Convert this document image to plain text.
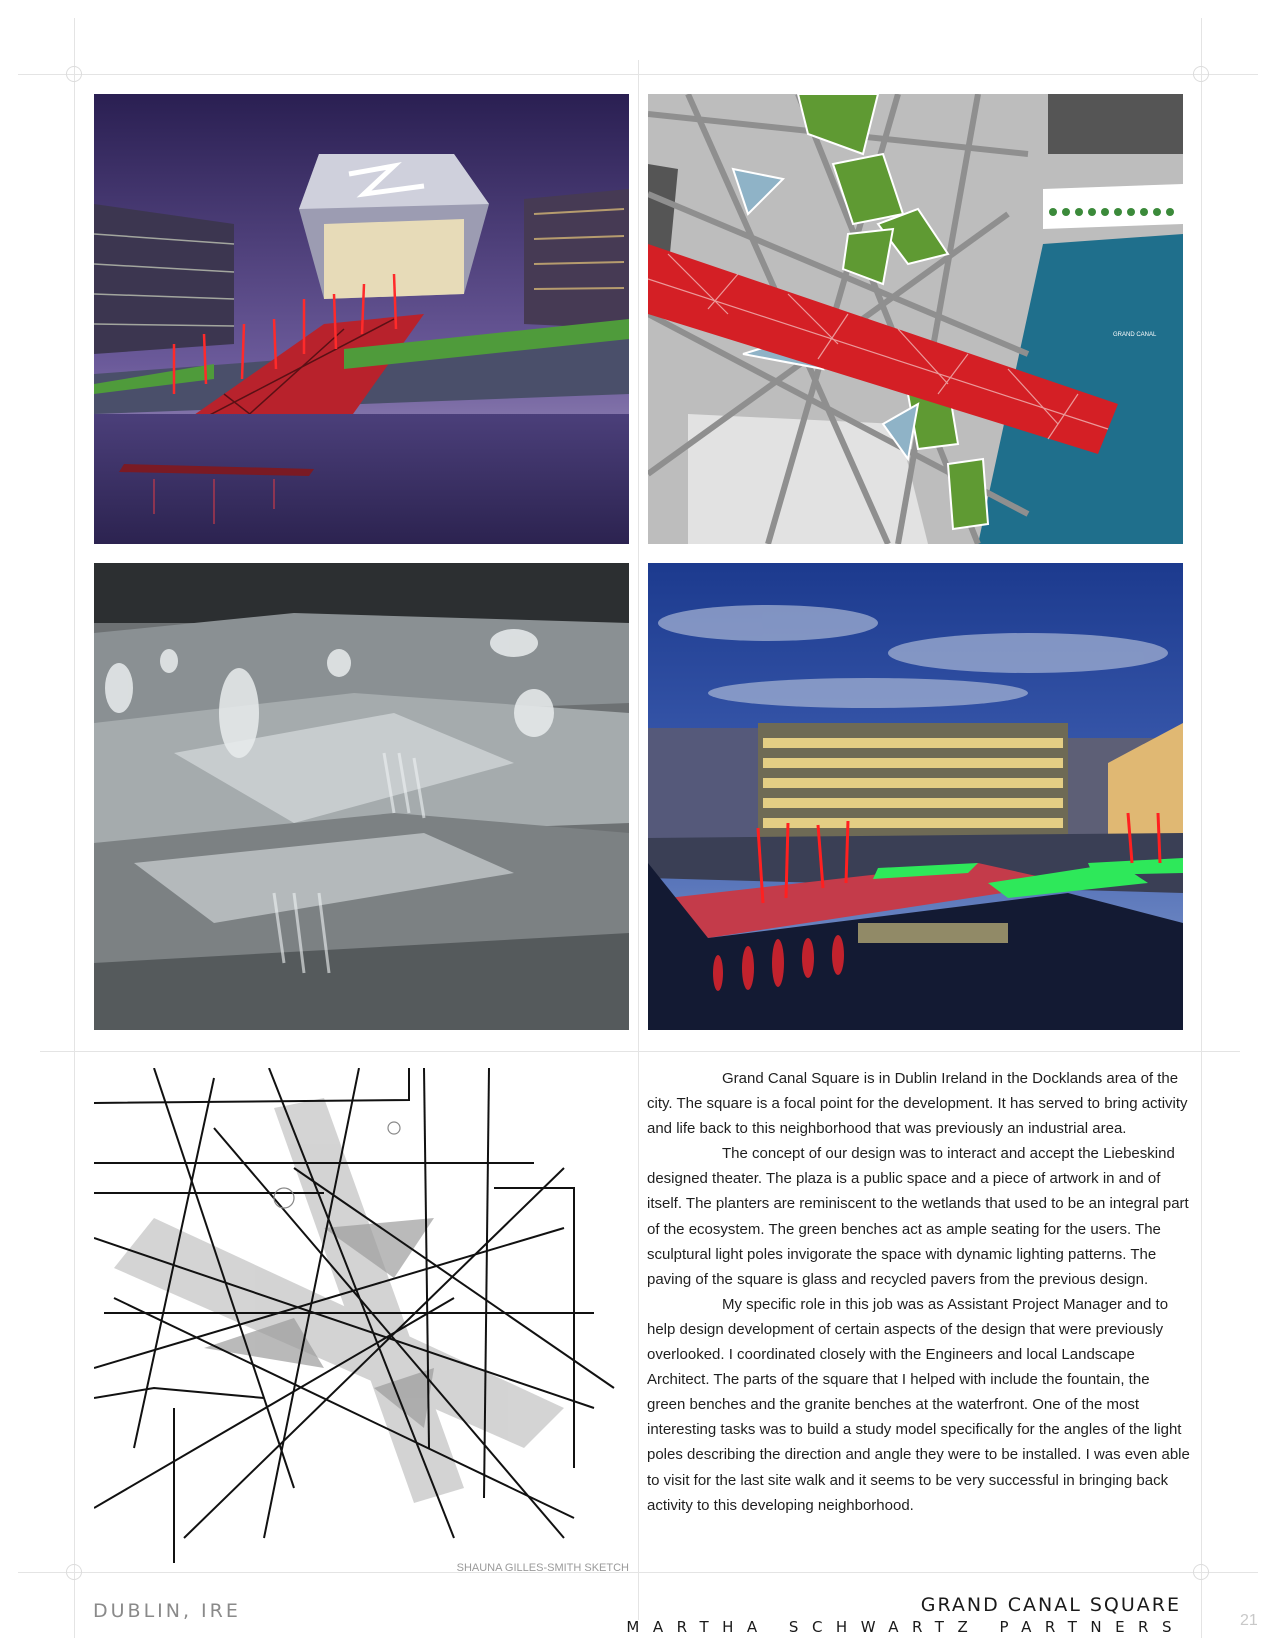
GRAND CANAL
SHAUNA GILLES-SMITH SKETCH

Grand Canal Square is in Dublin Ireland in the Docklands area of the city. The square is a focal point for the development. It has served to bring activity and life back to this neighborhood that was previously an industrial area.

The concept of our design was to interact and accept the Liebeskind designed theater. The plaza is a public space and a piece of artwork in and of itself. The planters are reminiscent to the wetlands that used to be an integral part of the ecosystem. The green benches act as ample seating for the users. The sculptural light poles invigorate the space with dynamic lighting patterns. The paving of the square is glass and recycled pavers from the previous design.

My specific role in this job was as Assistant Project Manager and to help design development of certain aspects of the design that were previously overlooked. I coordinated closely with the Engineers and local Landscape Architect. The parts of the square that I helped with include the fountain, the green benches and the granite benches at the waterfront. One of the most interesting tasks was to build a study model specifically for the angles of the light poles describing the direction and angle they were to be installed. I was even able to visit for the last site walk and it seems to be very successful in bringing back activity to this developing neighborhood.

DUBLIN, IRE	GRAND CANAL SQUARE
MARTHA SCHWARTZ PARTNERS	21
